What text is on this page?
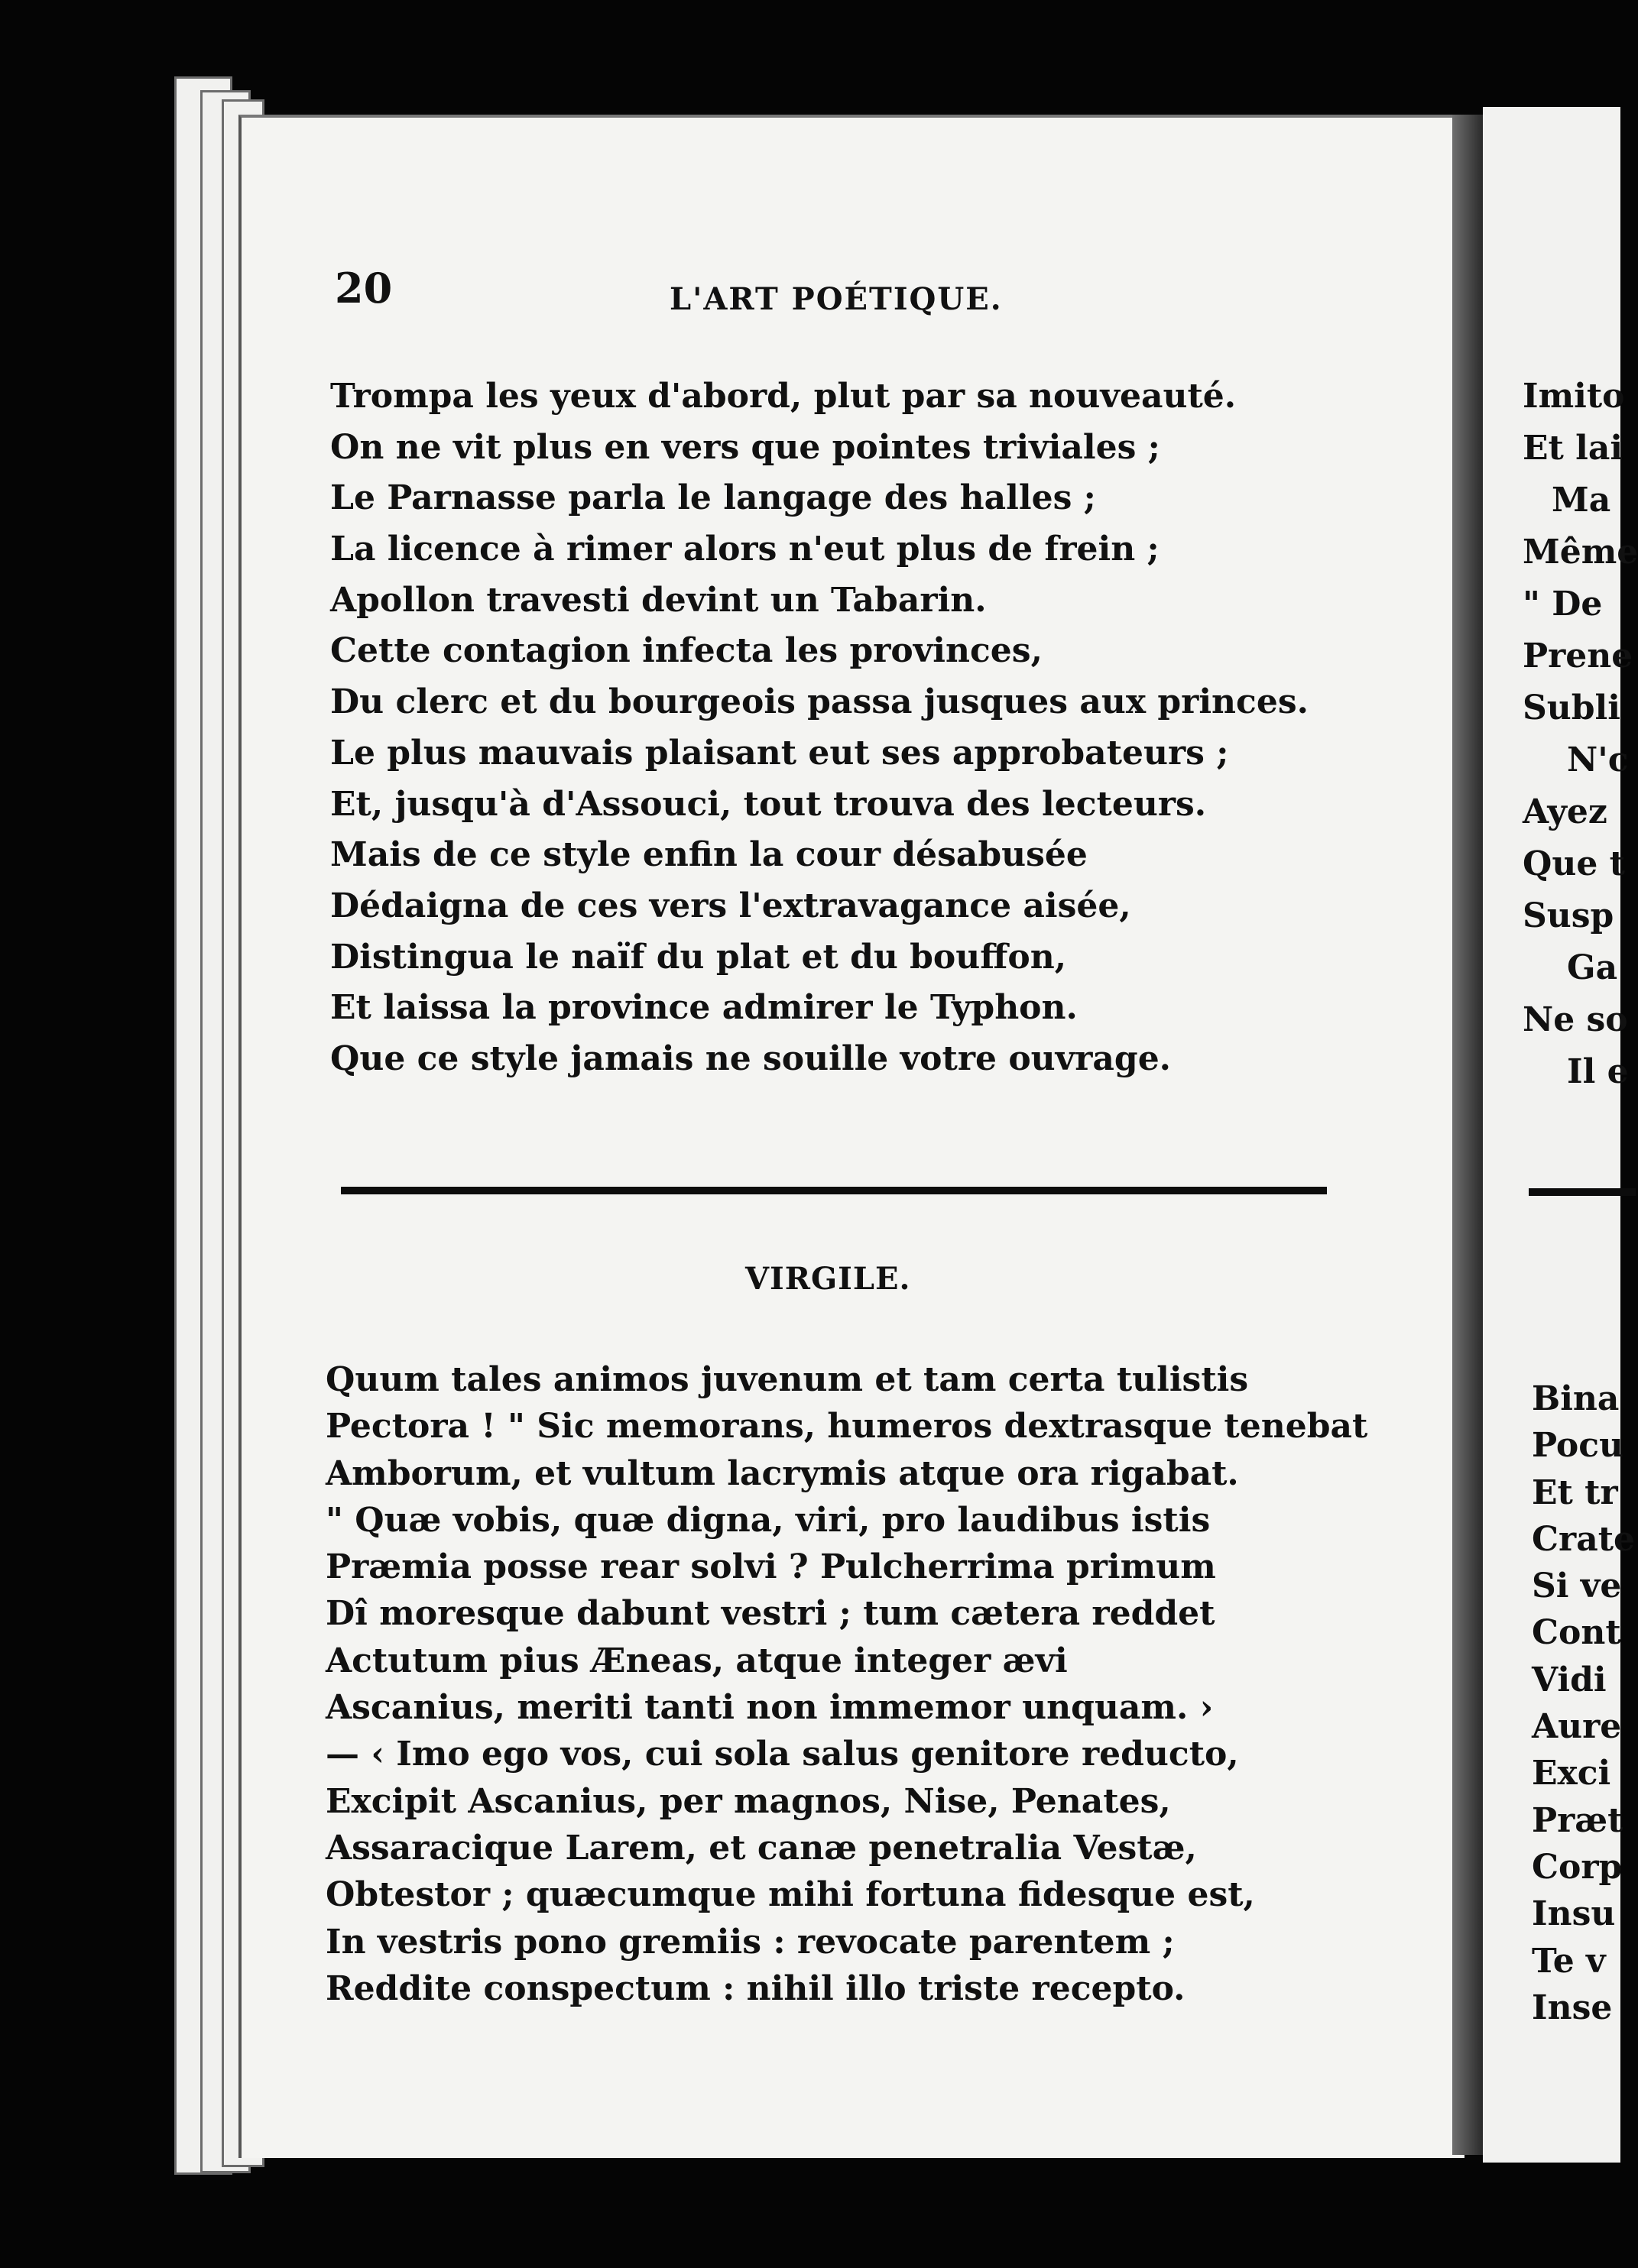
20	L'ART POÉTIQUE.
Trompa les yeux d'abord, plut par sa nouveauté.
On ne vit plus en vers que pointes triviales ;
Le Parnasse parla le langage des halles ;
La licence à rimer alors n'eut plus de frein ;
Apollon travesti devint un Tabarin.
Cette contagion infecta les provinces,
Du clerc et du bourgeois passa jusques aux princes.
Le plus mauvais plaisant eut ses approbateurs ;
Et, jusqu'à d'Assouci, tout trouva des lecteurs.
Mais de ce style enfin la cour désabusée
Dédaigna de ces vers l'extravagance aisée,
Distingua le naïf du plat et du bouffon,
Et laissa la province admirer le Typhon.
Que ce style jamais ne souille votre ouvrage.
VIRGILE.
Quum tales animos juvenum et tam certa tulistis
Pectora ! " Sic memorans, humeros dextrasque tenebat
Amborum, et vultum lacrymis atque ora rigabat.
" Quæ vobis, quæ digna, viri, pro laudibus istis
Præmia posse rear solvi ? Pulcherrima primum
Dî moresque dabunt vestri ; tum cætera reddet
Actutum pius Æneas, atque integer ævi
Ascanius, meriti tanti non immemor unquam. ›
— ‹ Imo ego vos, cui sola salus genitore reducto,
Excipit Ascanius, per magnos, Nise, Penates,
Assaracique Larem, et canæ penetralia Vestæ,
Obtestor ; quæcumque mihi fortuna fidesque est,
In vestris pono gremiis : revocate parentem ;
Reddite conspectum : nihil illo triste recepto.
Imito
Et lai
Ma
Même
" De
Prene
Subli
N'c
Ayez
Que t
Susp
Ga
Ne so
Il e
Bina
Pocu
Et tr
Crate
Si ve
Cont
Vidi
Aure
Exci
Præt
Corp
Insu
Te v
Inse
